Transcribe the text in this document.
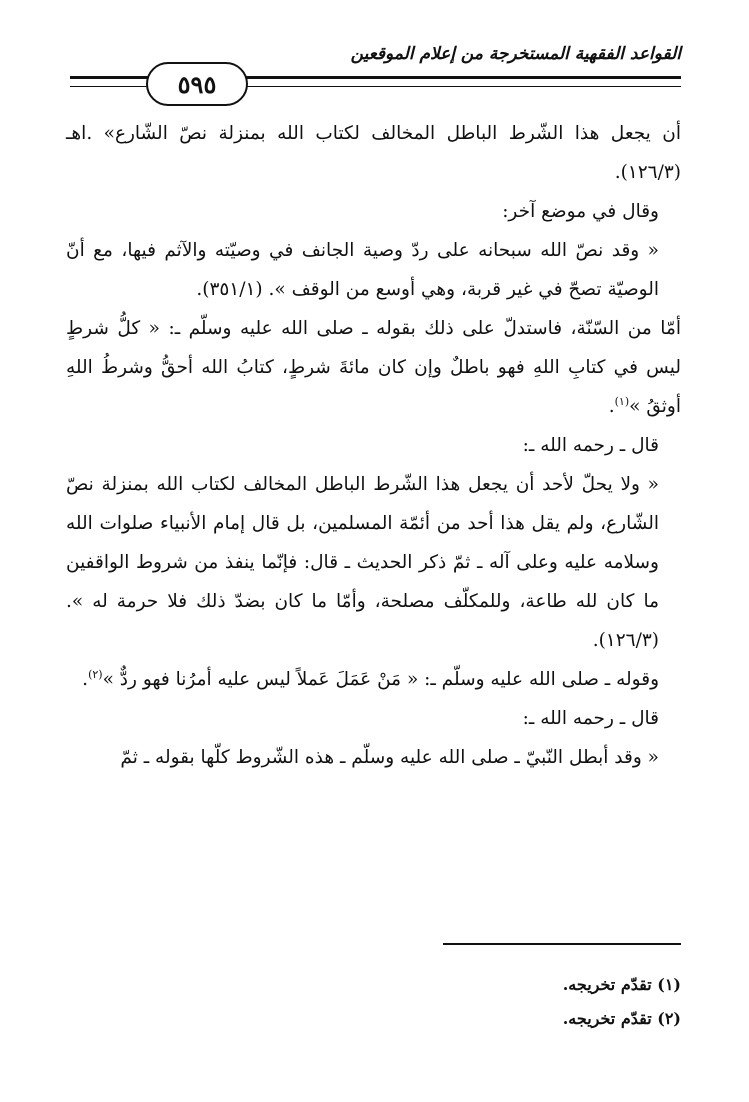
القواعد الفقهية المستخرجة من إعلام الموقعين
٥٩٥

أن يجعل هذا الشّرط الباطل المخالف لكتاب الله بمنزلة نصّ الشّارع» .اهـ (١٢٦/٣).

وقال في موضع آخر:

« وقد نصّ الله سبحانه على ردّ وصية الجانف في وصيّته والآثم فيها، مع أنّ الوصيّة تصحّ في غير قربة، وهي أوسع من الوقف ». (٣٥١/١).

أمّا من السّنّة، فاستدلّ على ذلك بقوله ـ صلى الله عليه وسلّم ـ: « كلُّ شرطٍ ليس في كتابِ اللهِ فهو باطلٌ وإن كان مائةَ شرطٍ، كتابُ الله أحقُّ وشرطُ اللهِ أوثقُ »$^{(١)}$.

قال ـ رحمه الله ـ:

« ولا يحلّ لأحد أن يجعل هذا الشّرط الباطل المخالف لكتاب الله بمنزلة نصّ الشّارع، ولم يقل هذا أحد من أئمّة المسلمين، بل قال إمام الأنبياء صلوات الله وسلامه عليه وعلى آله ـ ثمّ ذكر الحديث ـ قال: فإنّما ينفذ من شروط الواقفين ما كان لله طاعة، وللمكلّف مصلحة، وأمّا ما كان بضدّ ذلك فلا حرمة له ». (١٢٦/٣).

وقوله ـ صلى الله عليه وسلّم ـ: « مَنْ عَمَلَ عَملاً ليس عليه أمرُنا فهو ردٌّ »$^{(٢)}$.

قال ـ رحمه الله ـ:

« وقد أبطل النّبيّ ـ صلى الله عليه وسلّم ـ هذه الشّروط كلّها بقوله ـ ثمّ

(١) تقدّم تخريجه.
(٢) تقدّم تخريجه.
